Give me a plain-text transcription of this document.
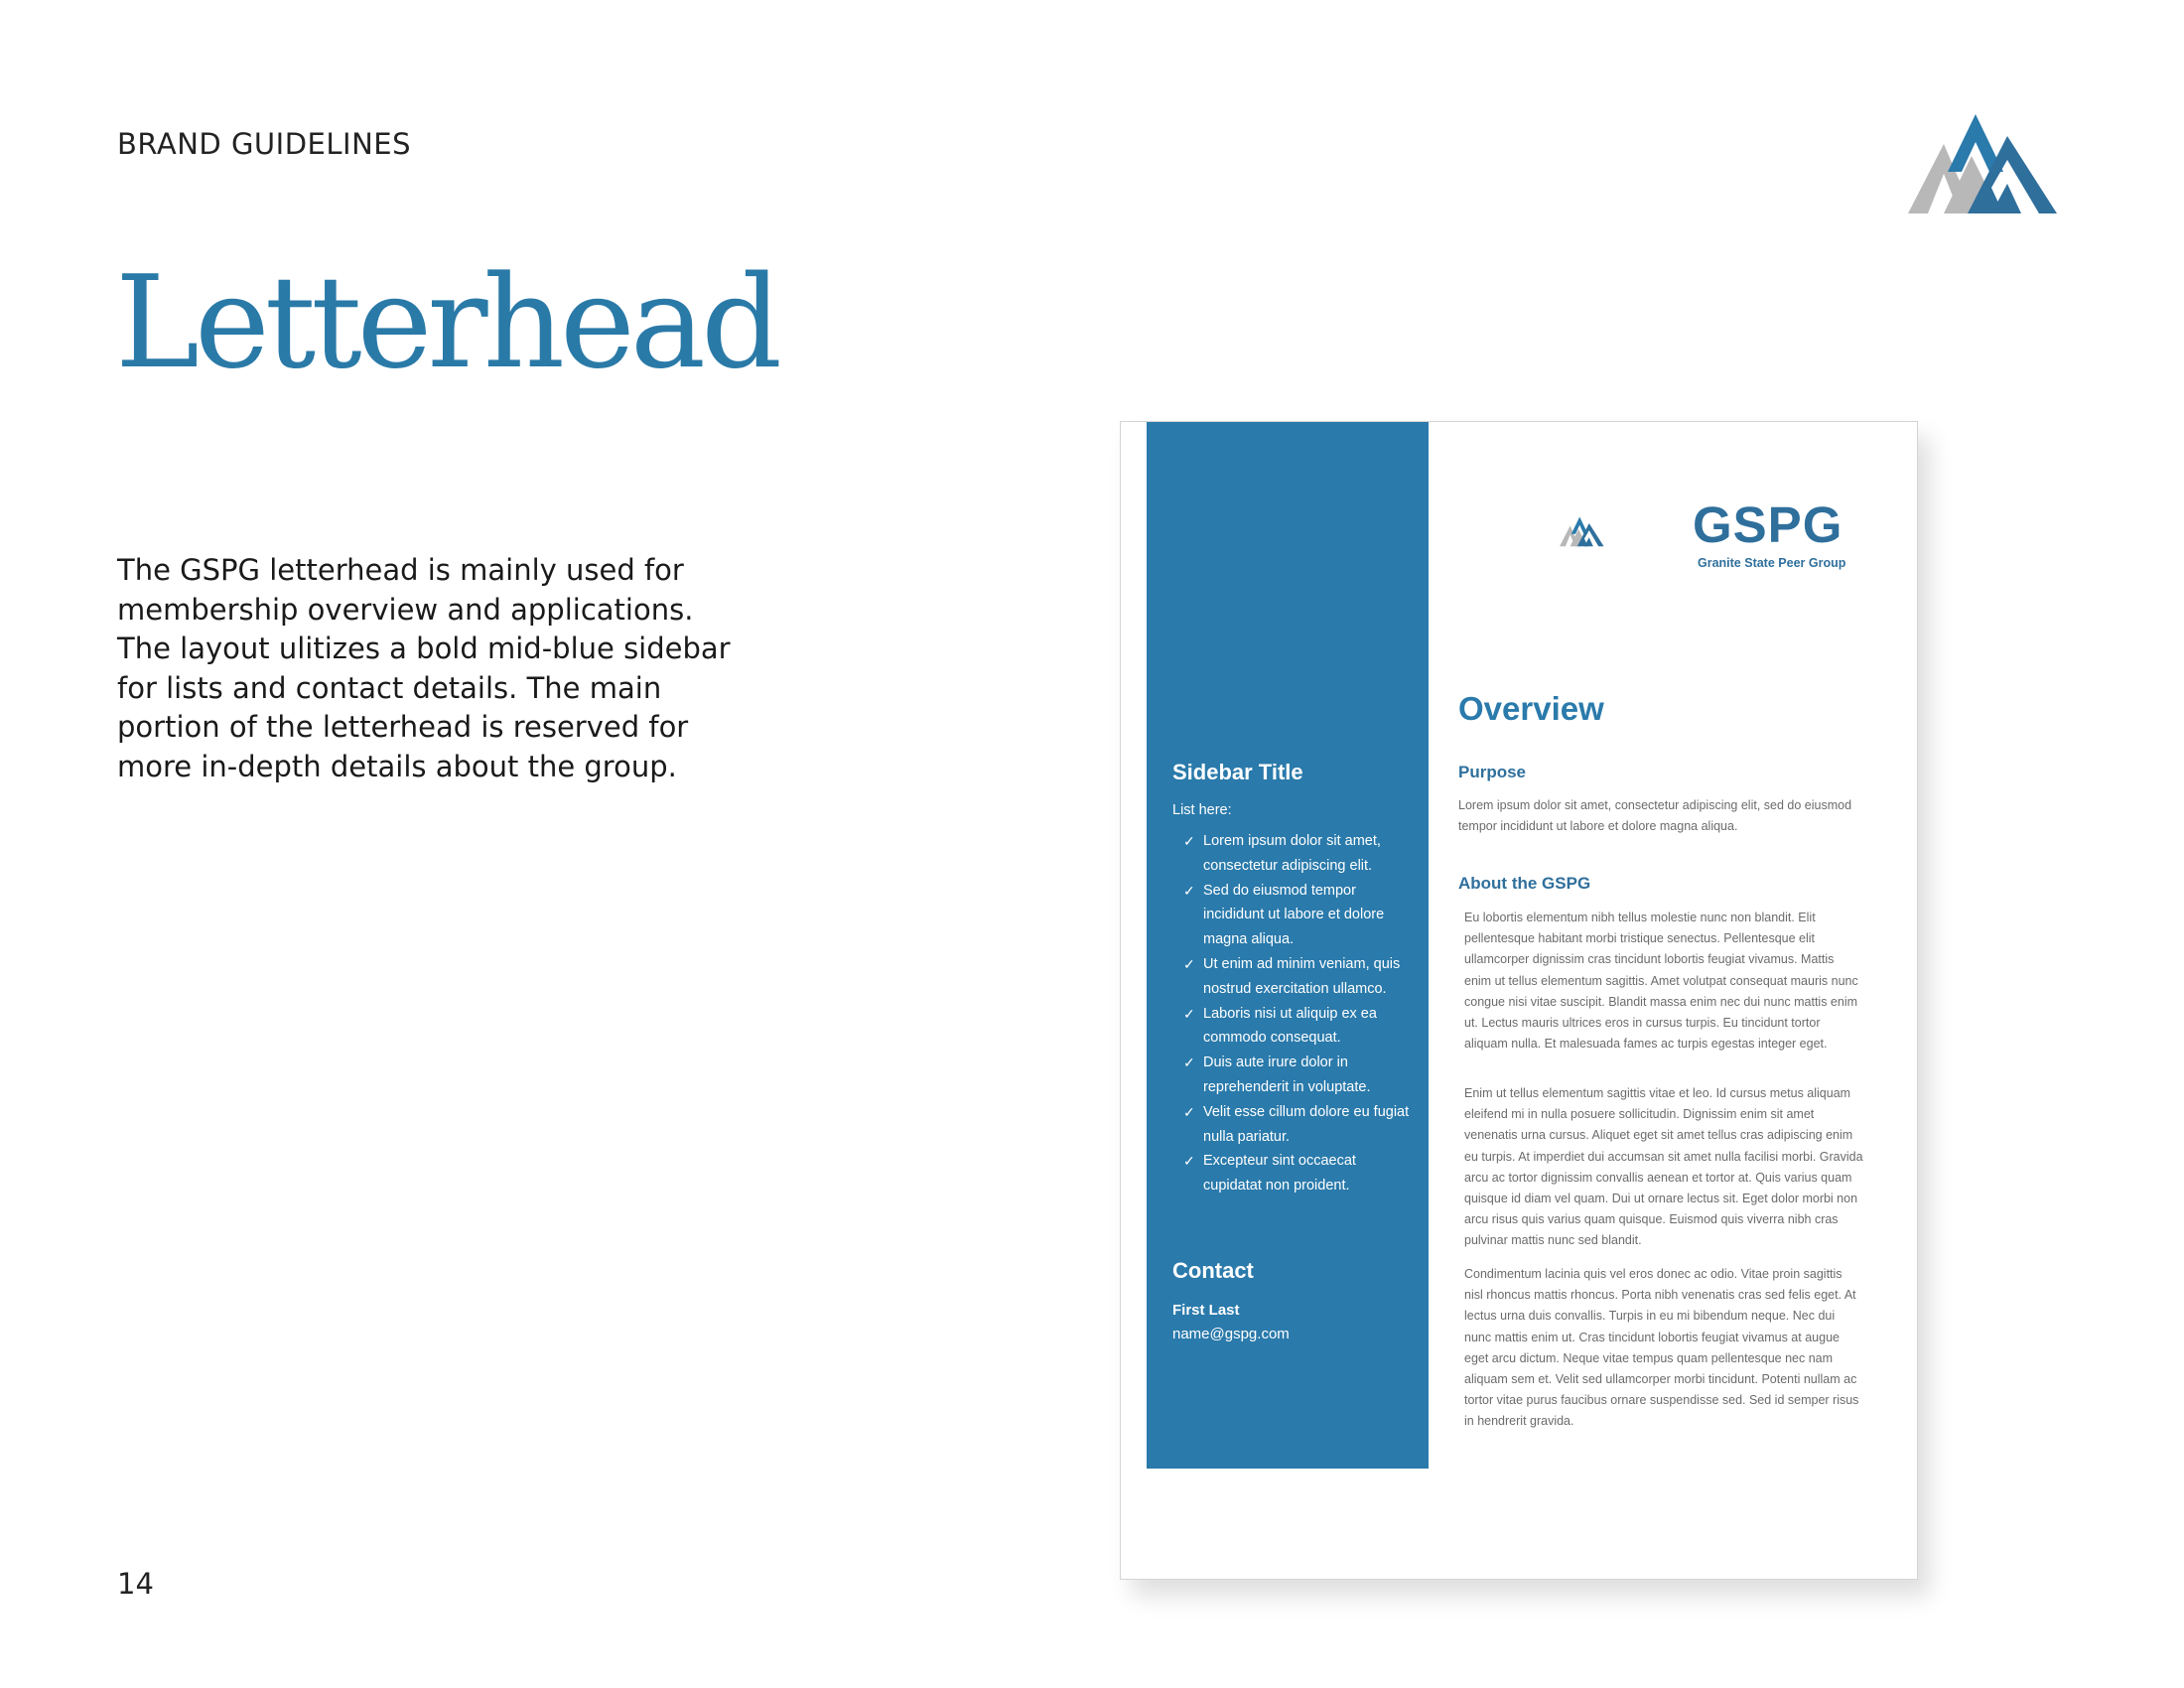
BRAND GUIDELINES
Letterhead

The GSPG letterhead is mainly used for membership overview and applications. The layout ulitizes a bold mid-blue sidebar for lists and contact details. The main portion of the letterhead is reserved for more in-depth details about the group.

14
Sidebar Title
List here:
✓ Lorem ipsum dolor sit amet, consectetur adipiscing elit.
✓ Sed do eiusmod tempor incididunt ut labore et dolore magna aliqua.
✓ Ut enim ad minim veniam, quis nostrud exercitation ullamco.
✓ Laboris nisi ut aliquip ex ea commodo consequat.
✓ Duis aute irure dolor in reprehenderit in voluptate.
✓ Velit esse cillum dolore eu fugiat nulla pariatur.
✓ Excepteur sint occaecat cupidatat non proident.
Contact
First Last
name@gspg.com
GSPG
Granite State Peer Group
Overview
Purpose

Lorem ipsum dolor sit amet, consectetur adipiscing elit, sed do eiusmod tempor incididunt ut labore et dolore magna aliqua.

About the GSPG

Eu lobortis elementum nibh tellus molestie nunc non blandit. Elit pellentesque habitant morbi tristique senectus. Pellentesque elit ullamcorper dignissim cras tincidunt lobortis feugiat vivamus. Mattis enim ut tellus elementum sagittis. Amet volutpat consequat mauris nunc congue nisi vitae suscipit. Blandit massa enim nec dui nunc mattis enim ut. Lectus mauris ultrices eros in cursus turpis. Eu tincidunt tortor aliquam nulla. Et malesuada fames ac turpis egestas integer eget.

Enim ut tellus elementum sagittis vitae et leo. Id cursus metus aliquam eleifend mi in nulla posuere sollicitudin. Dignissim enim sit amet venenatis urna cursus. Aliquet eget sit amet tellus cras adipiscing enim eu turpis. At imperdiet dui accumsan sit amet nulla facilisi morbi. Gravida arcu ac tortor dignissim convallis aenean et tortor at. Quis varius quam quisque id diam vel quam. Dui ut ornare lectus sit. Eget dolor morbi non arcu risus quis varius quam quisque. Euismod quis viverra nibh cras pulvinar mattis nunc sed blandit.

Condimentum lacinia quis vel eros donec ac odio. Vitae proin sagittis nisl rhoncus mattis rhoncus. Porta nibh venenatis cras sed felis eget. At lectus urna duis convallis. Turpis in eu mi bibendum neque. Nec dui nunc mattis enim ut. Cras tincidunt lobortis feugiat vivamus at augue eget arcu dictum. Neque vitae tempus quam pellentesque nec nam aliquam sem et. Velit sed ullamcorper morbi tincidunt. Potenti nullam ac tortor vitae purus faucibus ornare suspendisse sed. Sed id semper risus in hendrerit gravida.
